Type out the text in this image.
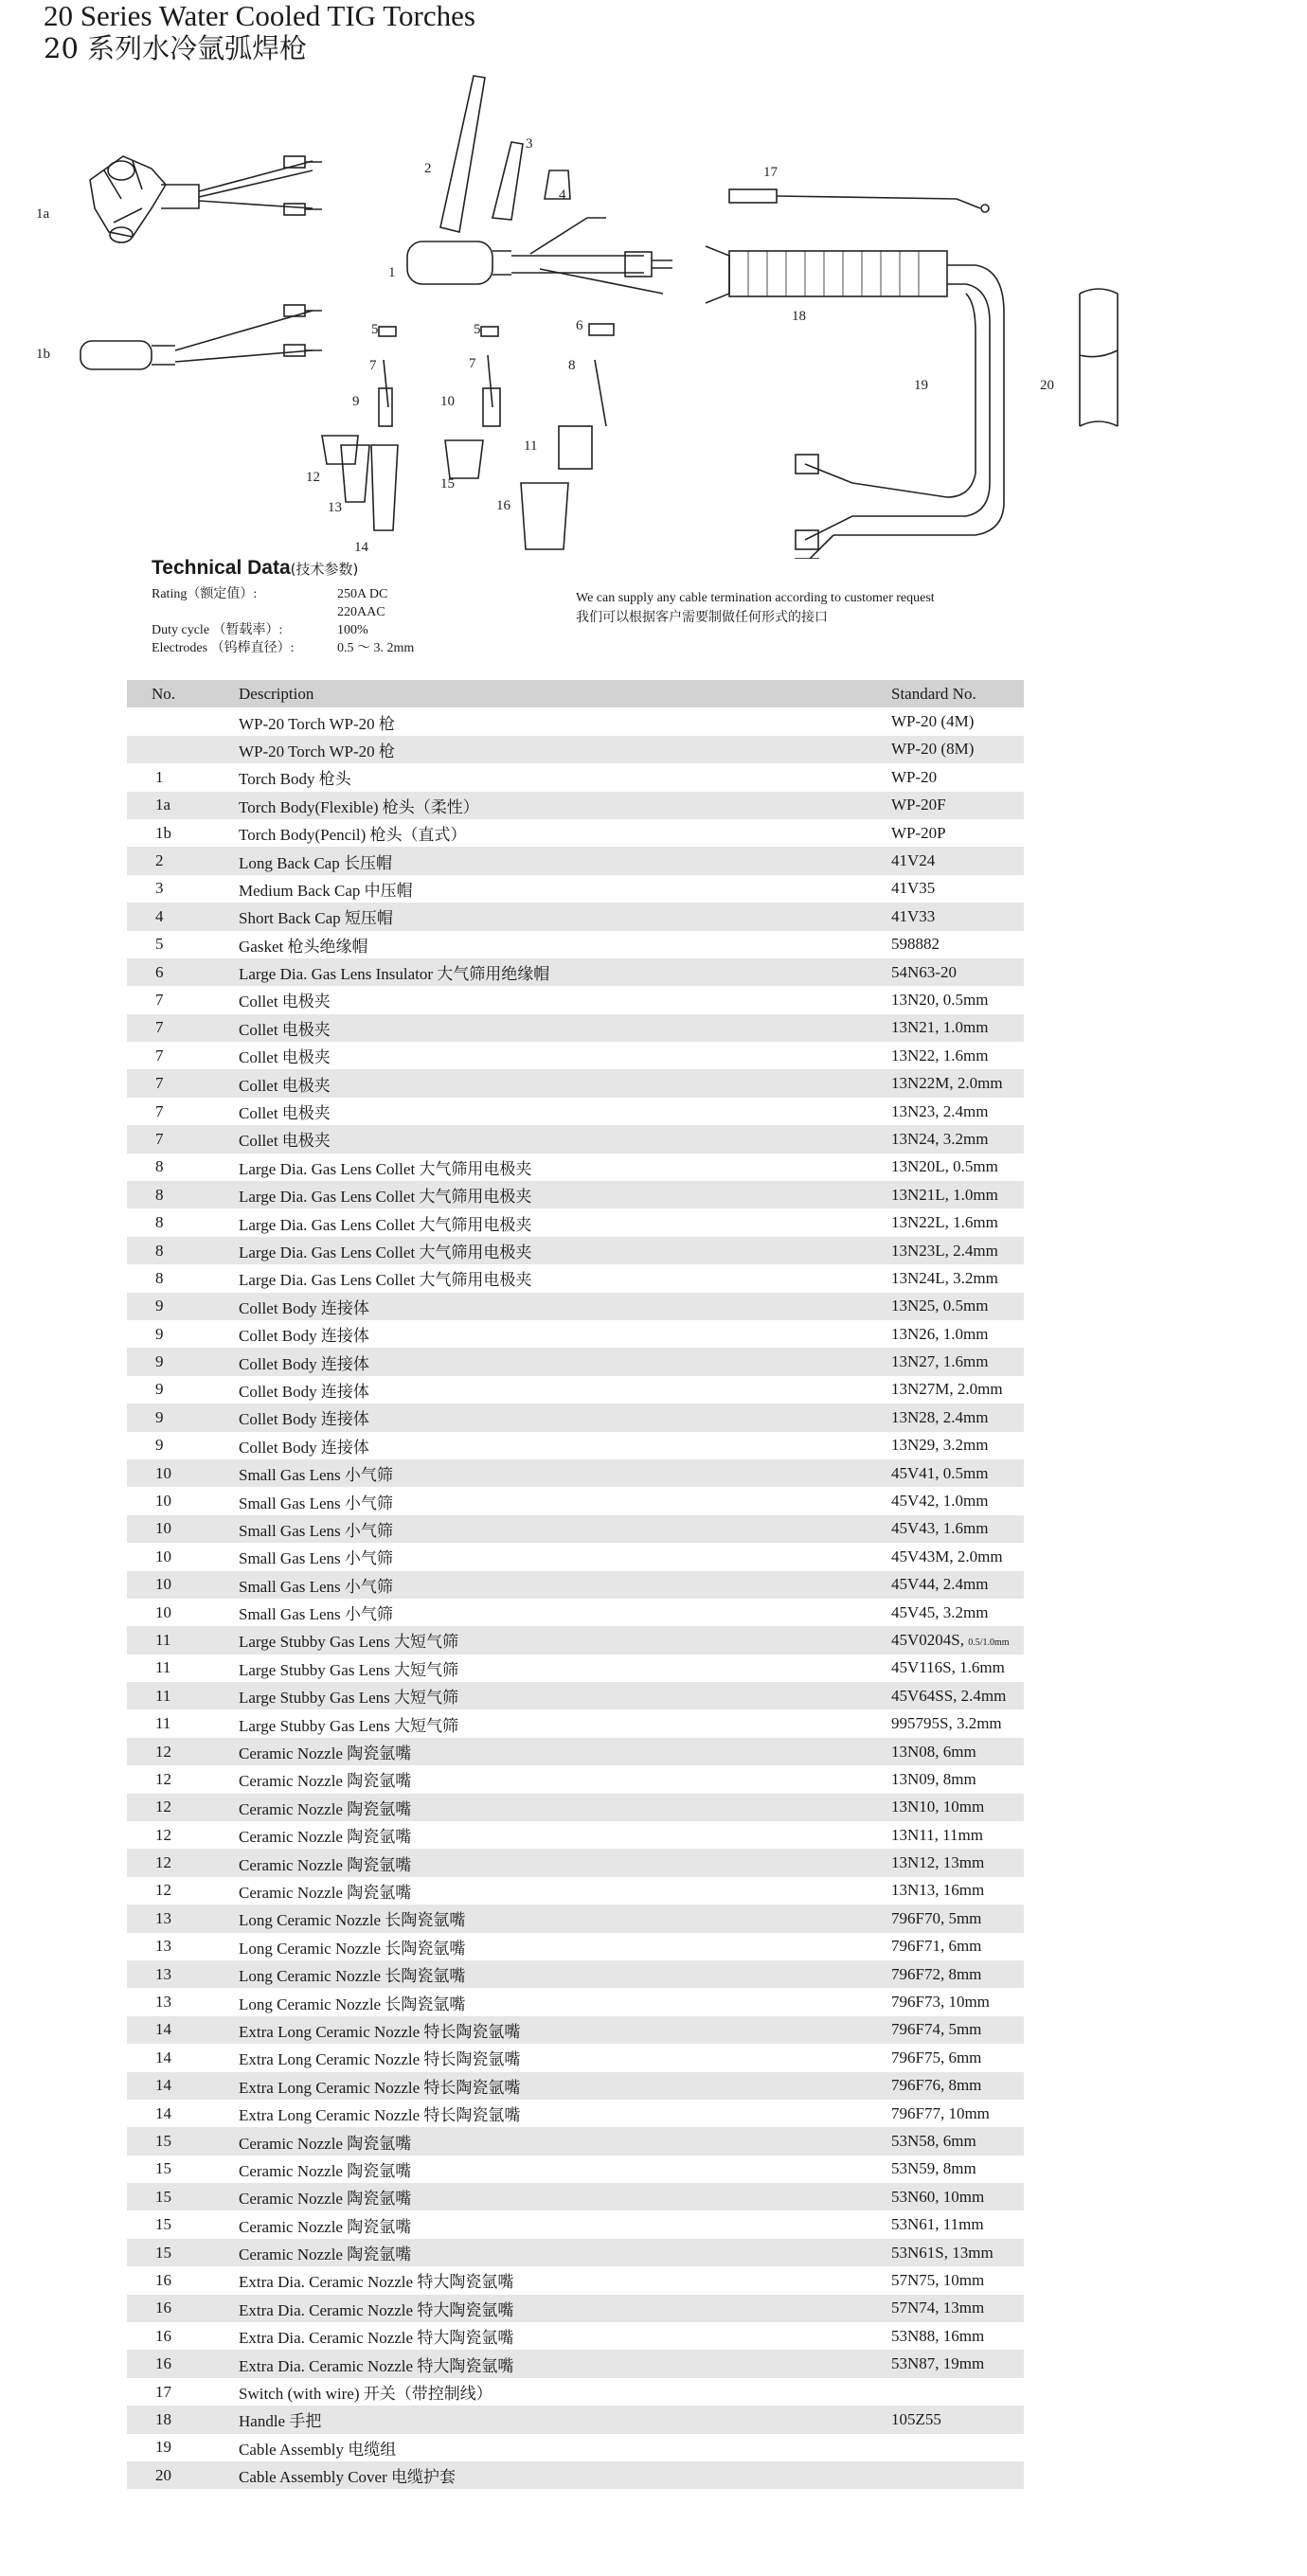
20 Series Water Cooled TIG Torches
20 系列水冷氩弧焊枪
1a
1b
1
2
3
4
5	5	6
7	7	8
9	10
11
12
13
14
15
16
17
18
19	20
Technical Data(技术参数)
Rating（额定值）:	250A DC
220AAC
Duty cycle （暂载率）:	100%
Electrodes （钨棒直径）:	0.5 ～ 3. 2mm
We can supply any cable termination according to customer request
我们可以根据客户需要制做任何形式的接口
No.	Description	Standard No.
WP-20 Torch WP-20 枪	WP-20 (4M)
WP-20 Torch WP-20 枪	WP-20 (8M)
1	Torch Body 枪头	WP-20
1a	Torch Body(Flexible) 枪头（柔性）	WP-20F
1b	Torch Body(Pencil) 枪头（直式）	WP-20P
2	Long Back Cap 长压帽	41V24
3	Medium Back Cap 中压帽	41V35
4	Short Back Cap 短压帽	41V33
5	Gasket 枪头绝缘帽	598882
6	Large Dia. Gas Lens Insulator 大气筛用绝缘帽	54N63-20
7	Collet 电极夹	13N20, 0.5mm
7	Collet 电极夹	13N21, 1.0mm
7	Collet 电极夹	13N22, 1.6mm
7	Collet 电极夹	13N22M, 2.0mm
7	Collet 电极夹	13N23, 2.4mm
7	Collet 电极夹	13N24, 3.2mm
8	Large Dia. Gas Lens Collet 大气筛用电极夹	13N20L, 0.5mm
8	Large Dia. Gas Lens Collet 大气筛用电极夹	13N21L, 1.0mm
8	Large Dia. Gas Lens Collet 大气筛用电极夹	13N22L, 1.6mm
8	Large Dia. Gas Lens Collet 大气筛用电极夹	13N23L, 2.4mm
8	Large Dia. Gas Lens Collet 大气筛用电极夹	13N24L, 3.2mm
9	Collet Body 连接体	13N25, 0.5mm
9	Collet Body 连接体	13N26, 1.0mm
9	Collet Body 连接体	13N27, 1.6mm
9	Collet Body 连接体	13N27M, 2.0mm
9	Collet Body 连接体	13N28, 2.4mm
9	Collet Body 连接体	13N29, 3.2mm
10	Small Gas Lens 小气筛	45V41, 0.5mm
10	Small Gas Lens 小气筛	45V42, 1.0mm
10	Small Gas Lens 小气筛	45V43, 1.6mm
10	Small Gas Lens 小气筛	45V43M, 2.0mm
10	Small Gas Lens 小气筛	45V44, 2.4mm
10	Small Gas Lens 小气筛	45V45, 3.2mm
11	Large Stubby Gas Lens 大短气筛	45V0204S, 0.5/1.0mm
11	Large Stubby Gas Lens 大短气筛	45V116S, 1.6mm
11	Large Stubby Gas Lens 大短气筛	45V64SS, 2.4mm
11	Large Stubby Gas Lens 大短气筛	995795S, 3.2mm
12	Ceramic Nozzle 陶瓷氩嘴	13N08, 6mm
12	Ceramic Nozzle 陶瓷氩嘴	13N09, 8mm
12	Ceramic Nozzle 陶瓷氩嘴	13N10, 10mm
12	Ceramic Nozzle 陶瓷氩嘴	13N11, 11mm
12	Ceramic Nozzle 陶瓷氩嘴	13N12, 13mm
12	Ceramic Nozzle 陶瓷氩嘴	13N13, 16mm
13	Long Ceramic Nozzle 长陶瓷氩嘴	796F70, 5mm
13	Long Ceramic Nozzle 长陶瓷氩嘴	796F71, 6mm
13	Long Ceramic Nozzle 长陶瓷氩嘴	796F72, 8mm
13	Long Ceramic Nozzle 长陶瓷氩嘴	796F73, 10mm
14	Extra Long Ceramic Nozzle 特长陶瓷氩嘴	796F74, 5mm
14	Extra Long Ceramic Nozzle 特长陶瓷氩嘴	796F75, 6mm
14	Extra Long Ceramic Nozzle 特长陶瓷氩嘴	796F76, 8mm
14	Extra Long Ceramic Nozzle 特长陶瓷氩嘴	796F77, 10mm
15	Ceramic Nozzle 陶瓷氩嘴	53N58, 6mm
15	Ceramic Nozzle 陶瓷氩嘴	53N59, 8mm
15	Ceramic Nozzle 陶瓷氩嘴	53N60, 10mm
15	Ceramic Nozzle 陶瓷氩嘴	53N61, 11mm
15	Ceramic Nozzle 陶瓷氩嘴	53N61S, 13mm
16	Extra Dia. Ceramic Nozzle 特大陶瓷氩嘴	57N75, 10mm
16	Extra Dia. Ceramic Nozzle 特大陶瓷氩嘴	57N74, 13mm
16	Extra Dia. Ceramic Nozzle 特大陶瓷氩嘴	53N88, 16mm
16	Extra Dia. Ceramic Nozzle 特大陶瓷氩嘴	53N87, 19mm
17	Switch (with wire) 开关（带控制线）
18	Handle 手把	105Z55
19	Cable Assembly 电缆组
20	Cable Assembly Cover 电缆护套
